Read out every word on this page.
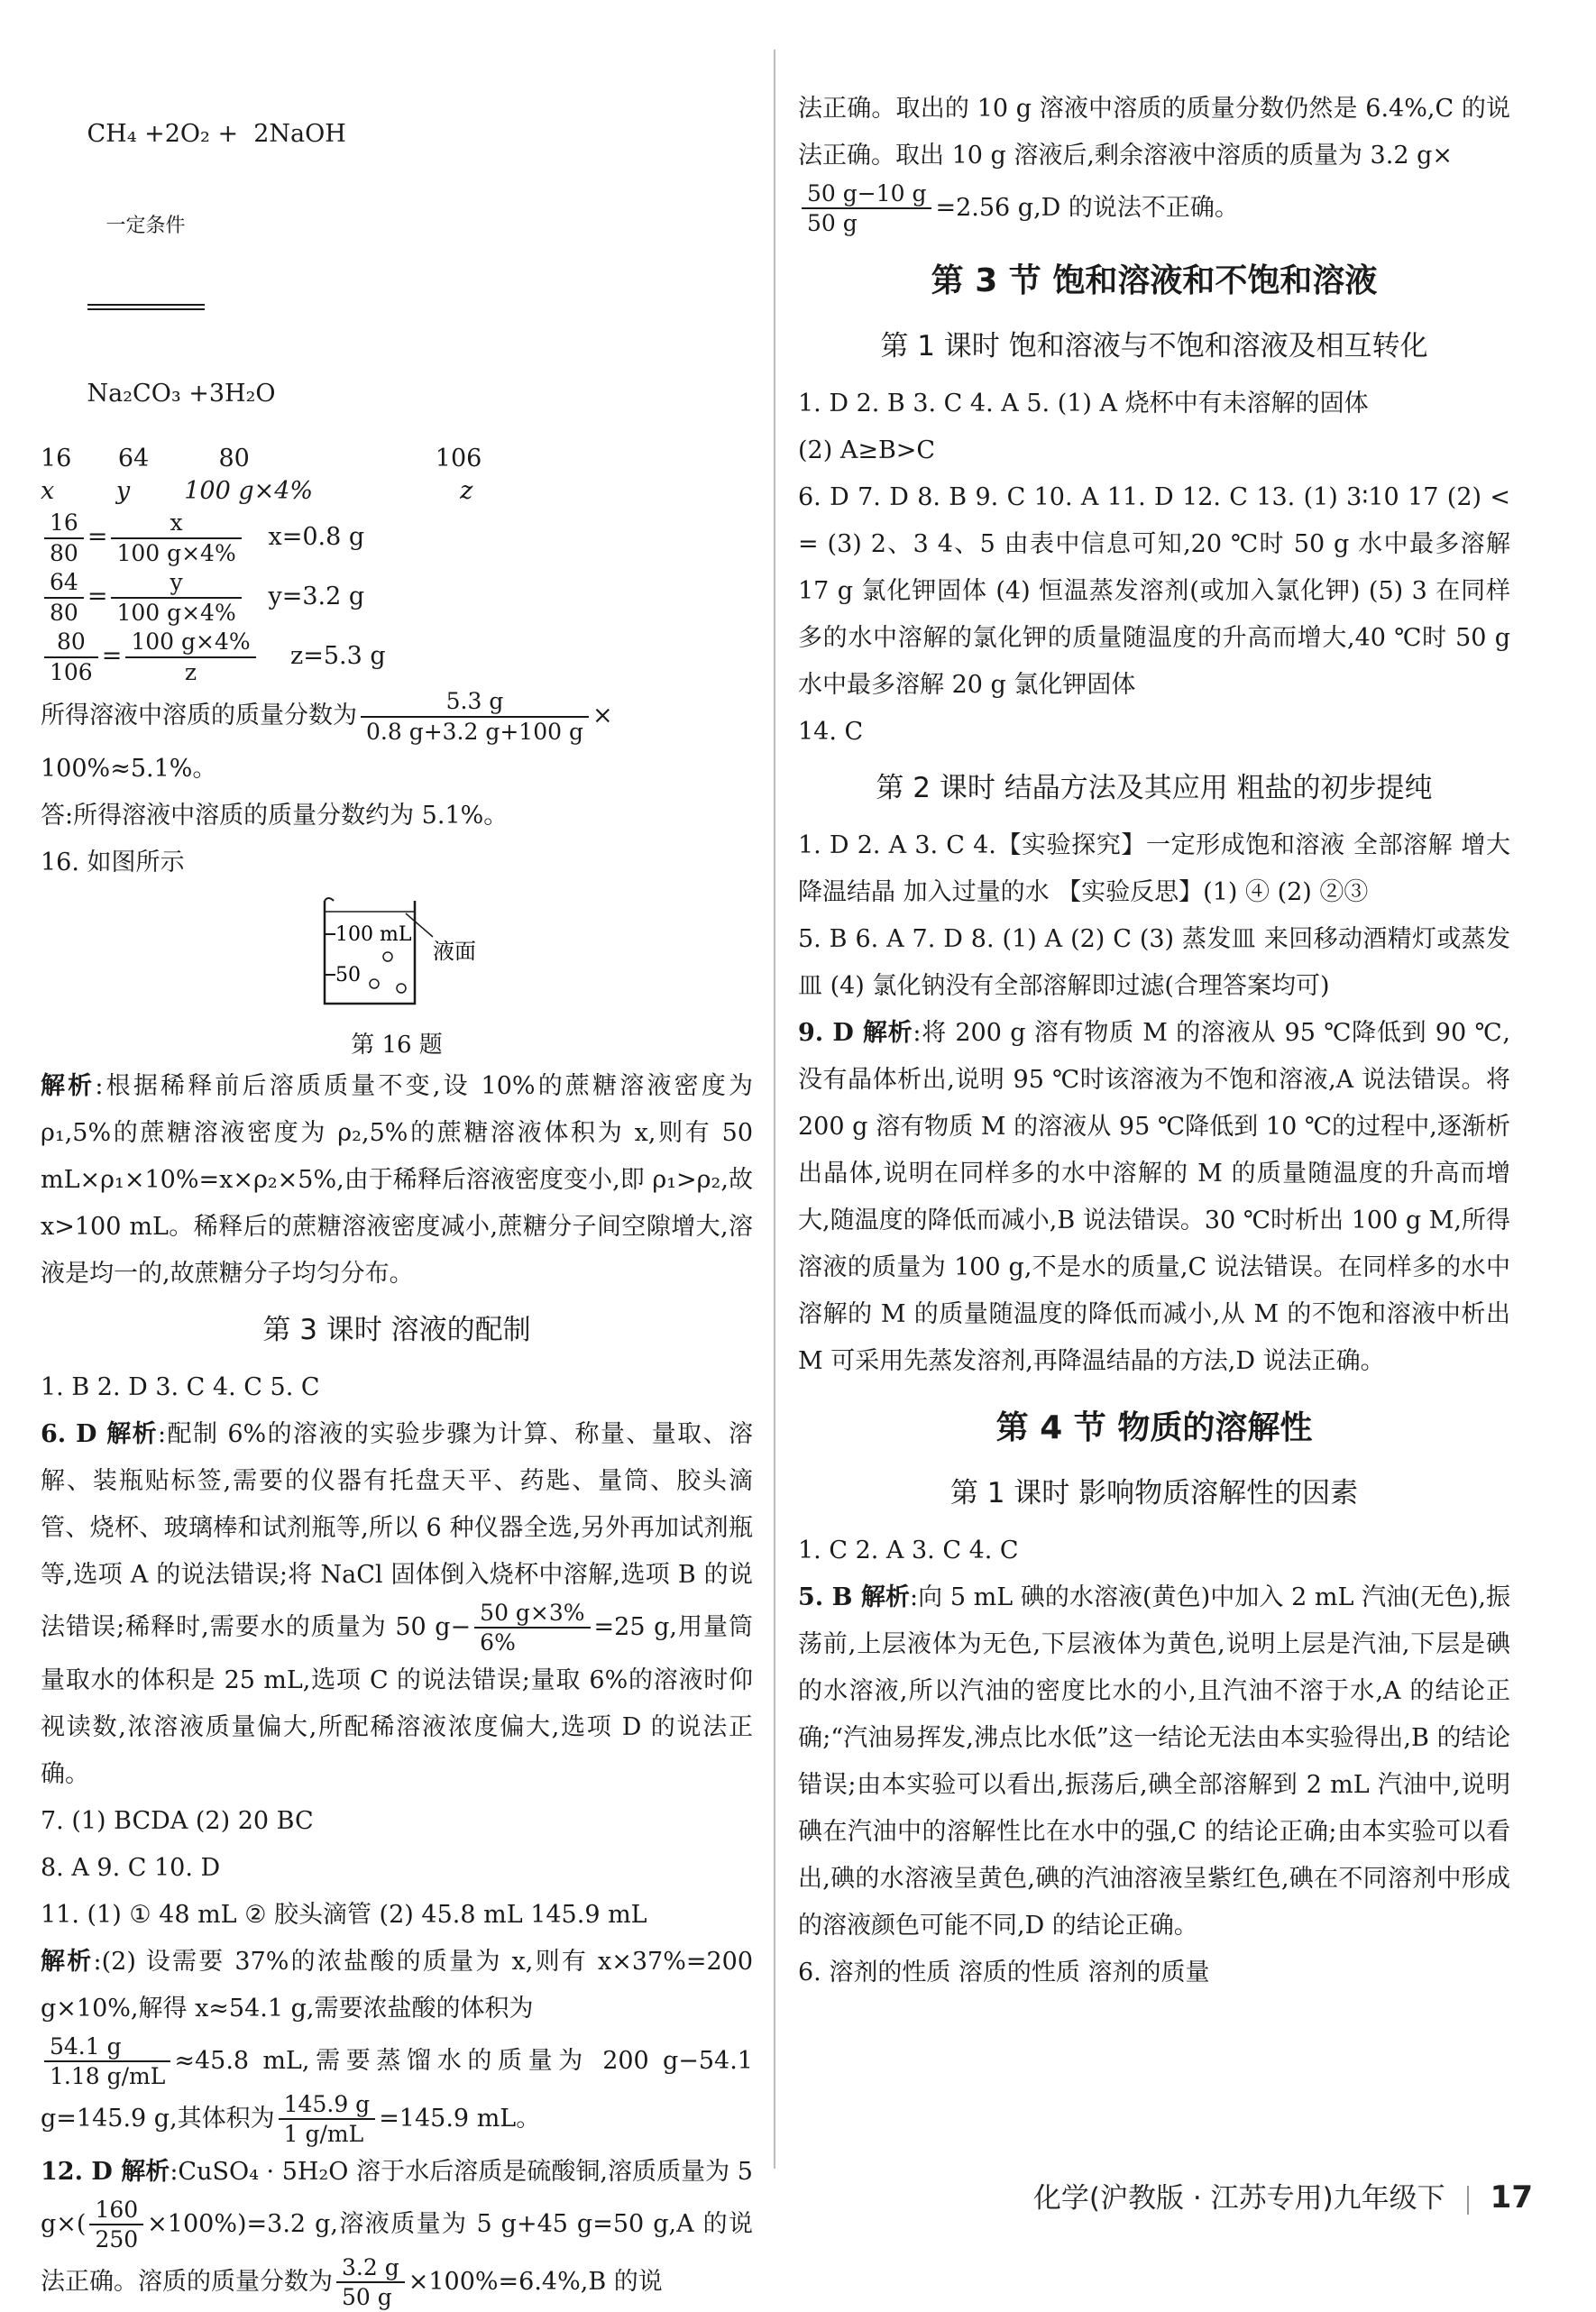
CH₄ +2O₂ +  2NaOH

一定条件

Na₂CO₃ +3H₂O

16      64         80                        106
x        y       100 g×4%                   z
$\frac{16}{80} = \frac{x}{100 g\times 4\%} x=0.8$ g
$\frac{64}{80} = \frac{y}{100 g\times 4\%} y=3.2$ g
$\frac{80}{106} = \frac{100 g\times 4\%}{z} z=5.3$ g
所得溶液中溶质的质量分数为 $\frac{5.3 g}{0.8 g+3.2 g+100 g}$ ×
100%≈5.1%。
答:所得溶液中溶质的质量分数约为 5.1%。
16. 如图所示
100 mL
50
液面
第 16 题
解析:根据稀释前后溶质质量不变,设 10%的蔗糖溶液密度为 ρ₁,5%的蔗糖溶液密度为 ρ₂,5%的蔗糖溶液体积为 x,则有 50 mL×ρ₁×10%=x×ρ₂×5%,由于稀释后溶液密度变小,即 ρ₁>ρ₂,故 x>100 mL。稀释后的蔗糖溶液密度减小,蔗糖分子间空隙增大,溶液是均一的,故蔗糖分子均匀分布。
第 3 课时 溶液的配制
1. B 2. D 3. C 4. C 5. C
6. D 解析:配制 6%的溶液的实验步骤为计算、称量、量取、溶解、装瓶贴标签,需要的仪器有托盘天平、药匙、量筒、胶头滴管、烧杯、玻璃棒和试剂瓶等,所以 6 种仪器全选,另外再加试剂瓶等,选项 A 的说法错误;将 NaCl 固体倒入烧杯中溶解,选项 B 的说法错误;稀释时,需要水的质量为 50 $g- \frac{50 g\times 3\%}{6\%} =25$ g,用量筒量取水的体积是 25 mL,选项 C 的说法错误;量取 6%的溶液时仰视读数,浓溶液质量偏大,所配稀溶液浓度偏大,选项 D 的说法正确。
7. (1) BCDA (2) 20 BC
8. A 9. C 10. D
11. (1) ① 48 mL ② 胶头滴管 (2) 45.8 mL 145.9 mL
解析:(2) 设需要 37%的浓盐酸的质量为 x,则有 x×37%=200 g×10%,解得 x≈54.1 g,需要浓盐酸的体积为

$\frac{54.1 g}{1.18 g/mL} \approx 45.8$ mL,需要蒸馏水的质量为 200 g−54.1 g=145.9 g,其体积为 $\frac{145.9 g}{1 g/mL} =145.9$ mL。
12. D 解析:CuSO₄ · 5H₂O 溶于水后溶质是硫酸铜,溶质质量为 5 $g\times( \frac{160}{250} \times 100\%)=3.2$ g,溶液质量为 5 g+45 g=50 g,A 的说法正确。溶质的质量分数为 $\frac{3.2 g}{50 g} \times 100\%=6.4\%,B$ 的说
法正确。取出的 10 g 溶液中溶质的质量分数仍然是 6.4%,C 的说法正确。取出 10 g 溶液后,剩余溶液中溶质的质量为 3.2 g×

$\frac{50 g-10 g}{50 g} =2.56$ g,D 的说法不正确。
第 3 节 饱和溶液和不饱和溶液
第 1 课时 饱和溶液与不饱和溶液及相互转化
1. D 2. B 3. C 4. A 5. (1) A 烧杯中有未溶解的固体
(2) A≥B>C
6. D 7. D 8. B 9. C 10. A 11. D 12. C 13. (1) 3∶10 17 (2) < = (3) 2、3 4、5 由表中信息可知,20 ℃时 50 g 水中最多溶解 17 g 氯化钾固体 (4) 恒温蒸发溶剂(或加入氯化钾) (5) 3 在同样多的水中溶解的氯化钾的质量随温度的升高而增大,40 ℃时 50 g 水中最多溶解 20 g 氯化钾固体
14. C
第 2 课时 结晶方法及其应用 粗盐的初步提纯
1. D 2. A 3. C 4.【实验探究】一定形成饱和溶液 全部溶解 增大 降温结晶 加入过量的水 【实验反思】(1) ④ (2) ②③
5. B 6. A 7. D 8. (1) A (2) C (3) 蒸发皿 来回移动酒精灯或蒸发皿 (4) 氯化钠没有全部溶解即过滤(合理答案均可)
9. D 解析:将 200 g 溶有物质 M 的溶液从 95 ℃降低到 90 ℃,没有晶体析出,说明 95 ℃时该溶液为不饱和溶液,A 说法错误。将 200 g 溶有物质 M 的溶液从 95 ℃降低到 10 ℃的过程中,逐渐析出晶体,说明在同样多的水中溶解的 M 的质量随温度的升高而增大,随温度的降低而减小,B 说法错误。30 ℃时析出 100 g M,所得溶液的质量为 100 g,不是水的质量,C 说法错误。在同样多的水中溶解的 M 的质量随温度的降低而减小,从 M 的不饱和溶液中析出 M 可采用先蒸发溶剂,再降温结晶的方法,D 说法正确。
第 4 节 物质的溶解性
第 1 课时 影响物质溶解性的因素
1. C 2. A 3. C 4. C
5. B 解析:向 5 mL 碘的水溶液(黄色)中加入 2 mL 汽油(无色),振荡前,上层液体为无色,下层液体为黄色,说明上层是汽油,下层是碘的水溶液,所以汽油的密度比水的小,且汽油不溶于水,A 的结论正确;“汽油易挥发,沸点比水低”这一结论无法由本实验得出,B 的结论错误;由本实验可以看出,振荡后,碘全部溶解到 2 mL 汽油中,说明碘在汽油中的溶解性比在水中的强,C 的结论正确;由本实验可以看出,碘的水溶液呈黄色,碘的汽油溶液呈紫红色,碘在不同溶剂中形成的溶液颜色可能不同,D 的结论正确。
6. 溶剂的性质 溶质的性质 溶剂的质量
化学(沪教版 · 江苏专用)九年级下 17
